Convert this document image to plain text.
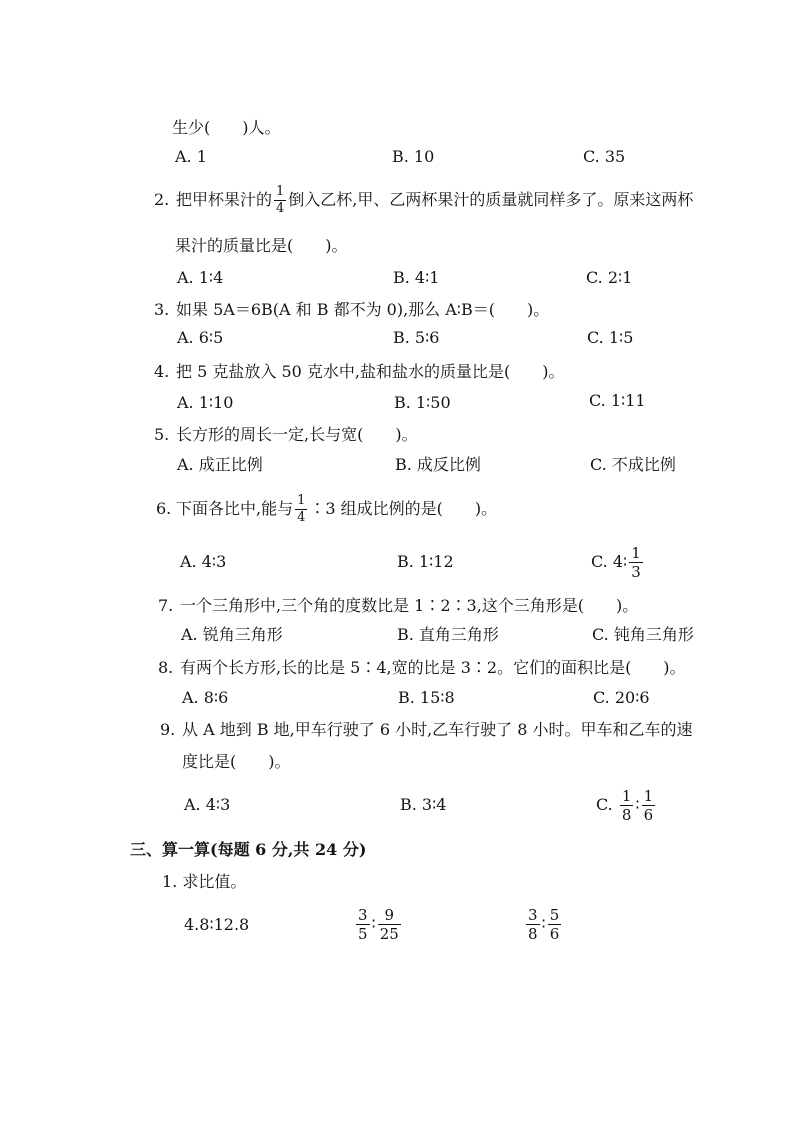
生少(　　)人。
A. 1	B. 10	C. 35
2. 把甲杯果汁的 $\frac{1}{4}$ 倒入乙杯,甲、乙两杯果汁的质量就同样多了。原来这两杯
果汁的质量比是(　　)。
A. 1∶4	B. 4∶1	C. 2∶1
3. 如果 5A＝6B(A 和 B 都不为 0),那么 A∶B＝(　　)。
A. 6∶5	B. 5∶6	C. 1∶5
4. 把 5 克盐放入 50 克水中,盐和盐水的质量比是(　　)。
A. 1∶10	B. 1∶50	C. 1∶11
5. 长方形的周长一定,长与宽(　　)。
A. 成正比例	B. 成反比例	C. 不成比例
6. 下面各比中,能与 $\frac{1}{4}$ ∶3 组成比例的是(　　)。
A. 4∶3	B. 1∶12	C. 4∶ $\frac{1}{3}$
7. 一个三角形中,三个角的度数比是 1∶2∶3,这个三角形是(　　)。
A. 锐角三角形	B. 直角三角形	C. 钝角三角形
8. 有两个长方形,长的比是 5∶4,宽的比是 3∶2。它们的面积比是(　　)。
A. 8∶6	B. 15∶8	C. 20∶6
9. 从 A 地到 B 地,甲车行驶了 6 小时,乙车行驶了 8 小时。甲车和乙车的速
度比是(　　)。
A. 4∶3	B. 3∶4	C. $\frac{1}{8}$ ∶ $\frac{1}{6}$
三、算一算(每题 6 分,共 24 分)
1. 求比值。
4.8∶12.8	$\frac{3}{5}$ ∶ $\frac{9}{25}$	$\frac{3}{8}$ ∶ $\frac{5}{6}$
